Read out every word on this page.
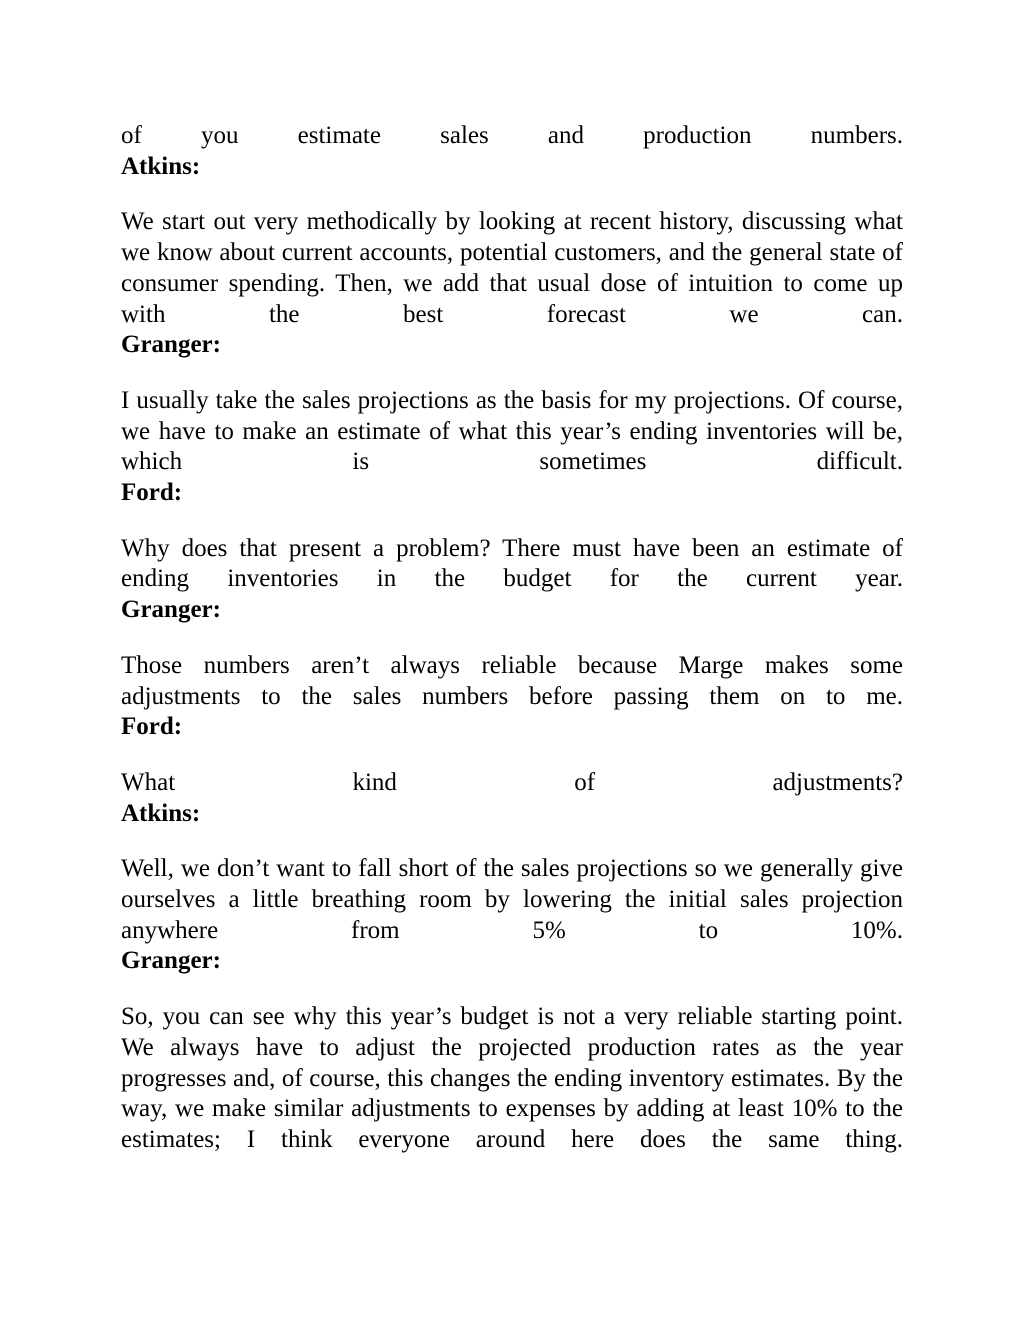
of you estimate sales and production numbers.
Atkins:

We start out very methodically by looking at recent history, discussing what we know about current accounts, potential customers, and the general state of consumer spending. Then, we add that usual dose of intuition to come up with the best forecast we can.
Granger:

I usually take the sales projections as the basis for my projections. Of course, we have to make an estimate of what this year’s ending inventories will be, which is sometimes difficult.
Ford:

Why does that present a problem? There must have been an estimate of ending inventories in the budget for the current year.
Granger:

Those numbers aren’t always reliable because Marge makes some adjustments to the sales numbers before passing them on to me.
Ford:

What kind of adjustments?
Atkins:

Well, we don’t want to fall short of the sales projections so we generally give ourselves a little breathing room by lowering the initial sales projection anywhere from 5% to 10%.
Granger:

So, you can see why this year’s budget is not a very reliable starting point. We always have to adjust the projected production rates as the year progresses and, of course, this changes the ending inventory estimates. By the way, we make similar adjustments to expenses by adding at least 10% to the estimates; I think everyone around here does the same thing.
